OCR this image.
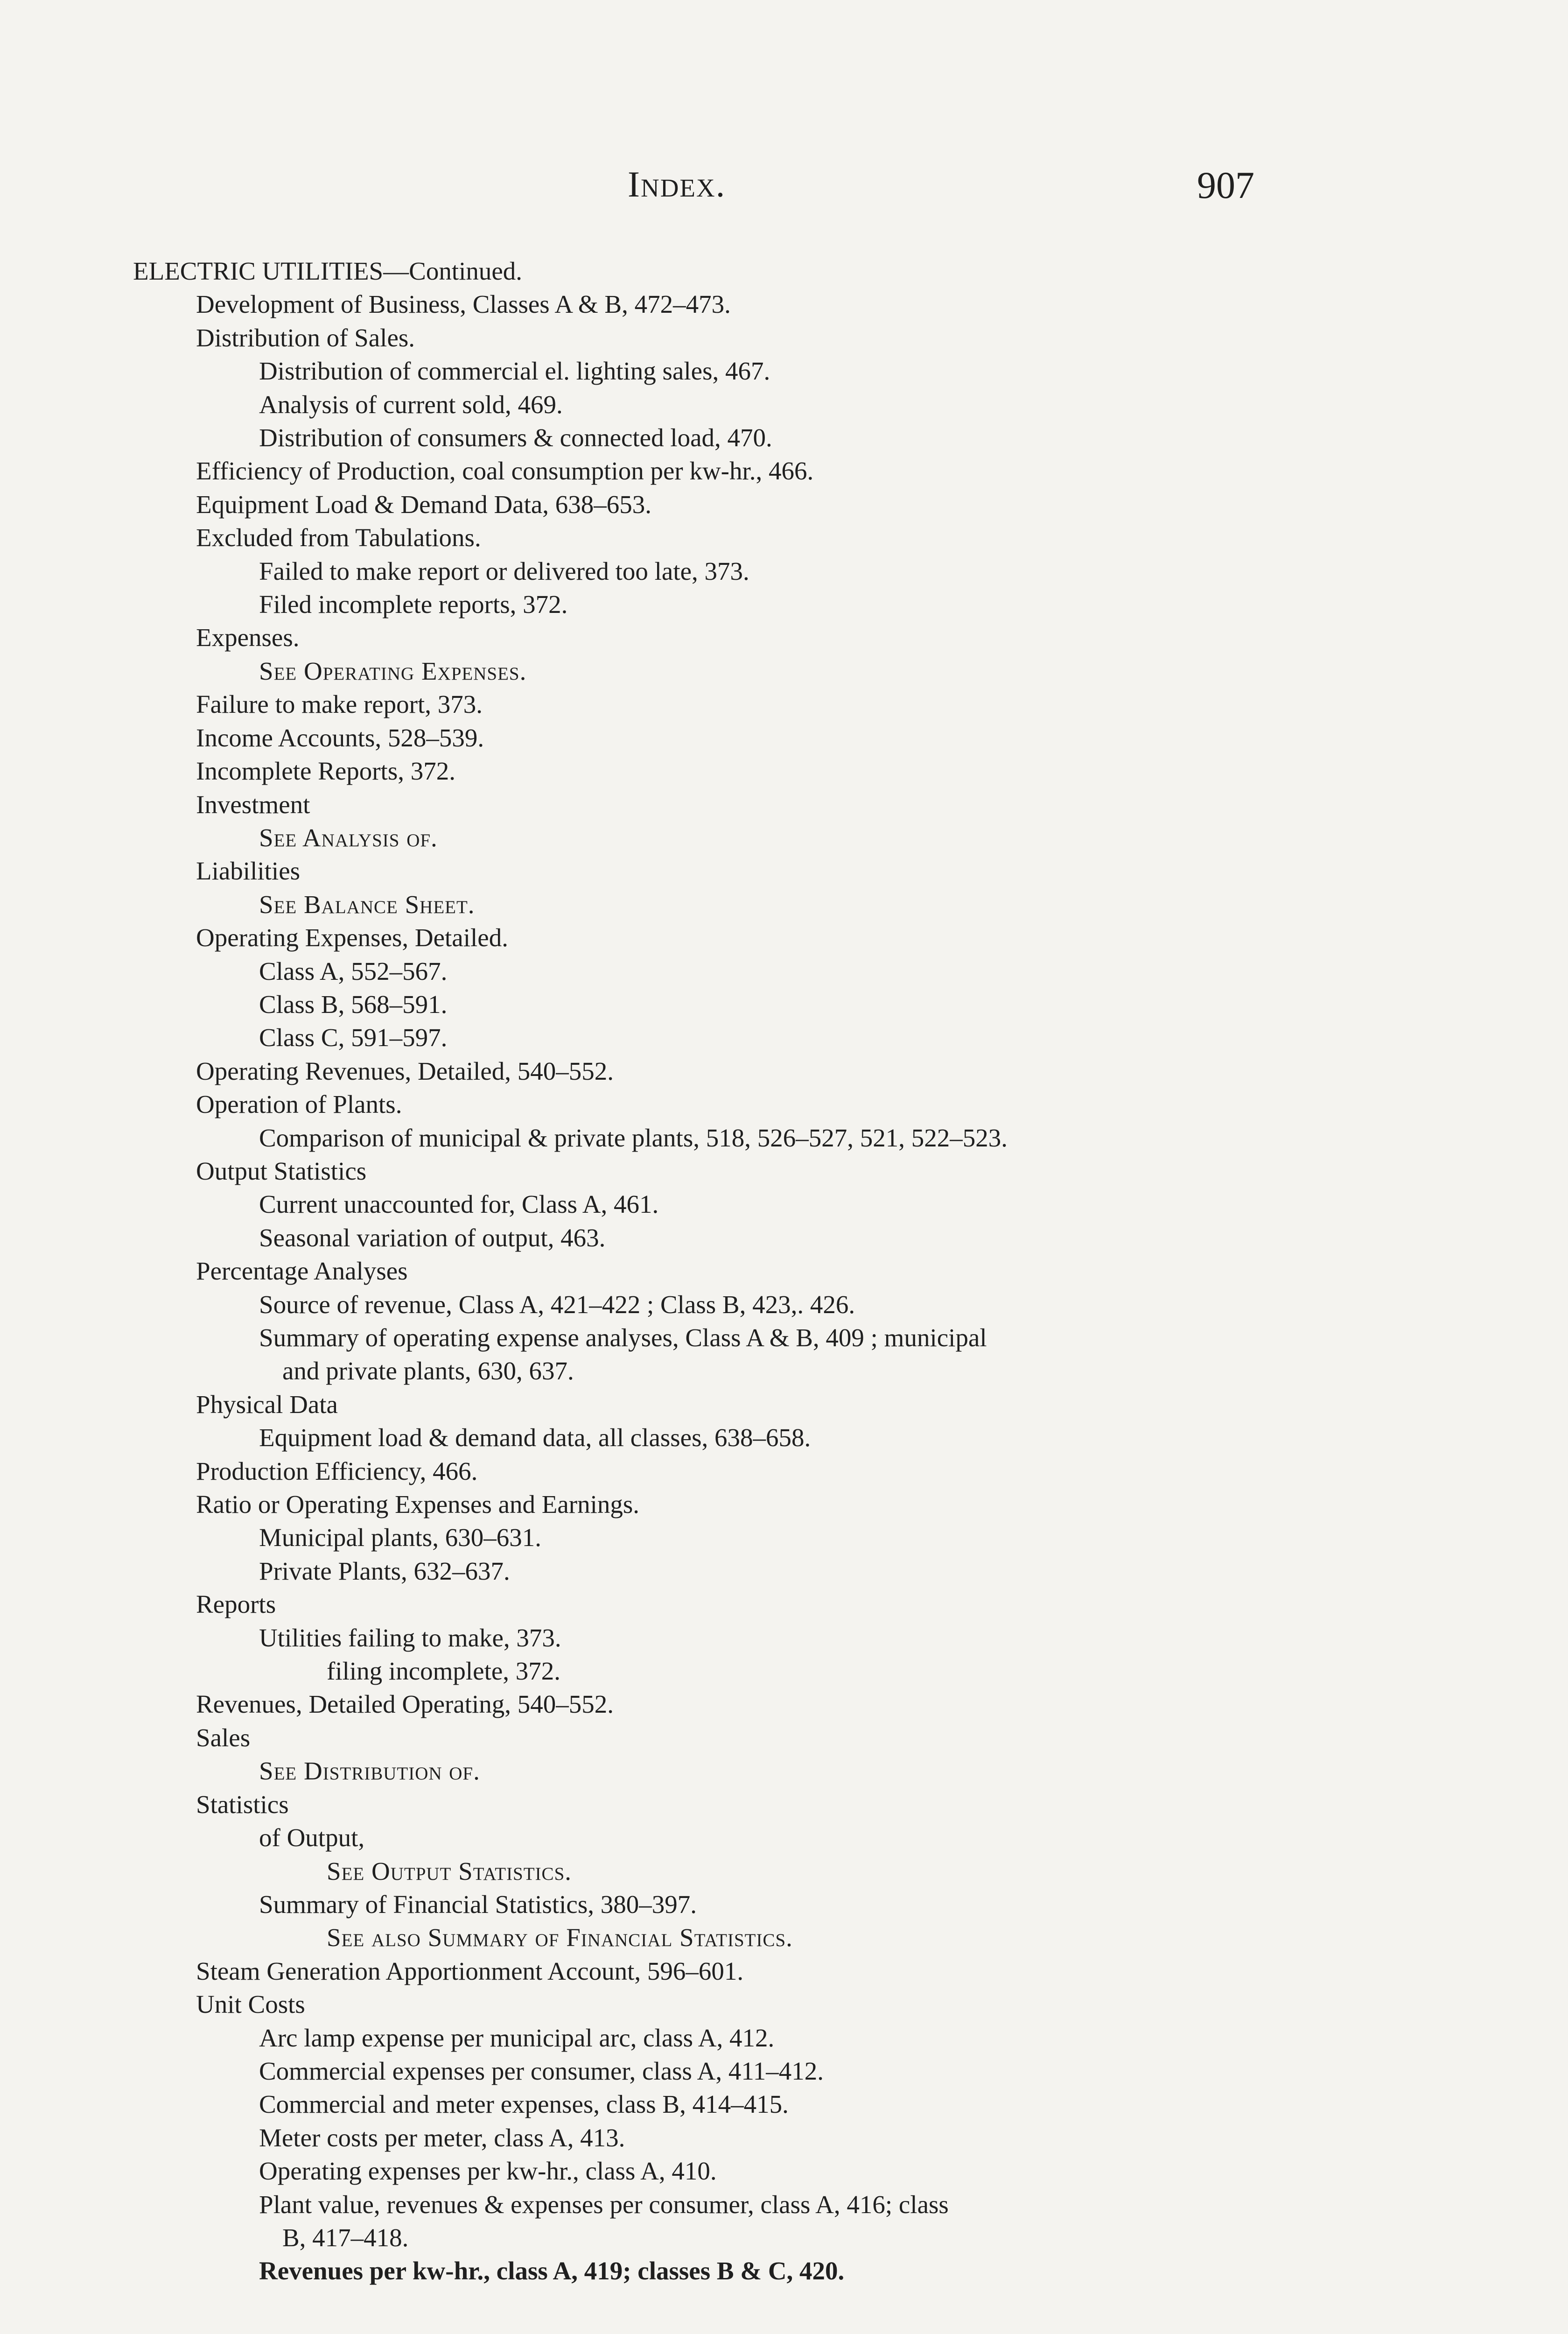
Index.	907
ELECTRIC UTILITIES—Continued.
Development of Business, Classes A & B, 472–473.
Distribution of Sales.
Distribution of commercial el. lighting sales, 467.
Analysis of current sold, 469.
Distribution of consumers & connected load, 470.
Efficiency of Production, coal consumption per kw-hr., 466.
Equipment Load & Demand Data, 638–653.
Excluded from Tabulations.
Failed to make report or delivered too late, 373.
Filed incomplete reports, 372.
Expenses.
See Operating Expenses.
Failure to make report, 373.
Income Accounts, 528–539.
Incomplete Reports, 372.
Investment
See Analysis of.
Liabilities
See Balance Sheet.
Operating Expenses, Detailed.
Class A, 552–567.
Class B, 568–591.
Class C, 591–597.
Operating Revenues, Detailed, 540–552.
Operation of Plants.
Comparison of municipal & private plants, 518, 526–527, 521, 522–523.
Output Statistics
Current unaccounted for, Class A, 461.
Seasonal variation of output, 463.
Percentage Analyses
Source of revenue, Class A, 421–422 ; Class B, 423,. 426.
Summary of operating expense analyses, Class A & B, 409 ; municipal
and private plants, 630, 637.
Physical Data
Equipment load & demand data, all classes, 638–658.
Production Efficiency, 466.
Ratio or Operating Expenses and Earnings.
Municipal plants, 630–631.
Private Plants, 632–637.
Reports
Utilities failing to make, 373.
filing incomplete, 372.
Revenues, Detailed Operating, 540–552.
Sales
See Distribution of.
Statistics
of Output,
See Output Statistics.
Summary of Financial Statistics, 380–397.
See also Summary of Financial Statistics.
Steam Generation Apportionment Account, 596–601.
Unit Costs
Arc lamp expense per municipal arc, class A, 412.
Commercial expenses per consumer, class A, 411–412.
Commercial and meter expenses, class B, 414–415.
Meter costs per meter, class A, 413.
Operating expenses per kw-hr., class A, 410.
Plant value, revenues & expenses per consumer, class A, 416; class
B, 417–418.
Revenues per kw-hr., class A, 419; classes B & C, 420.
